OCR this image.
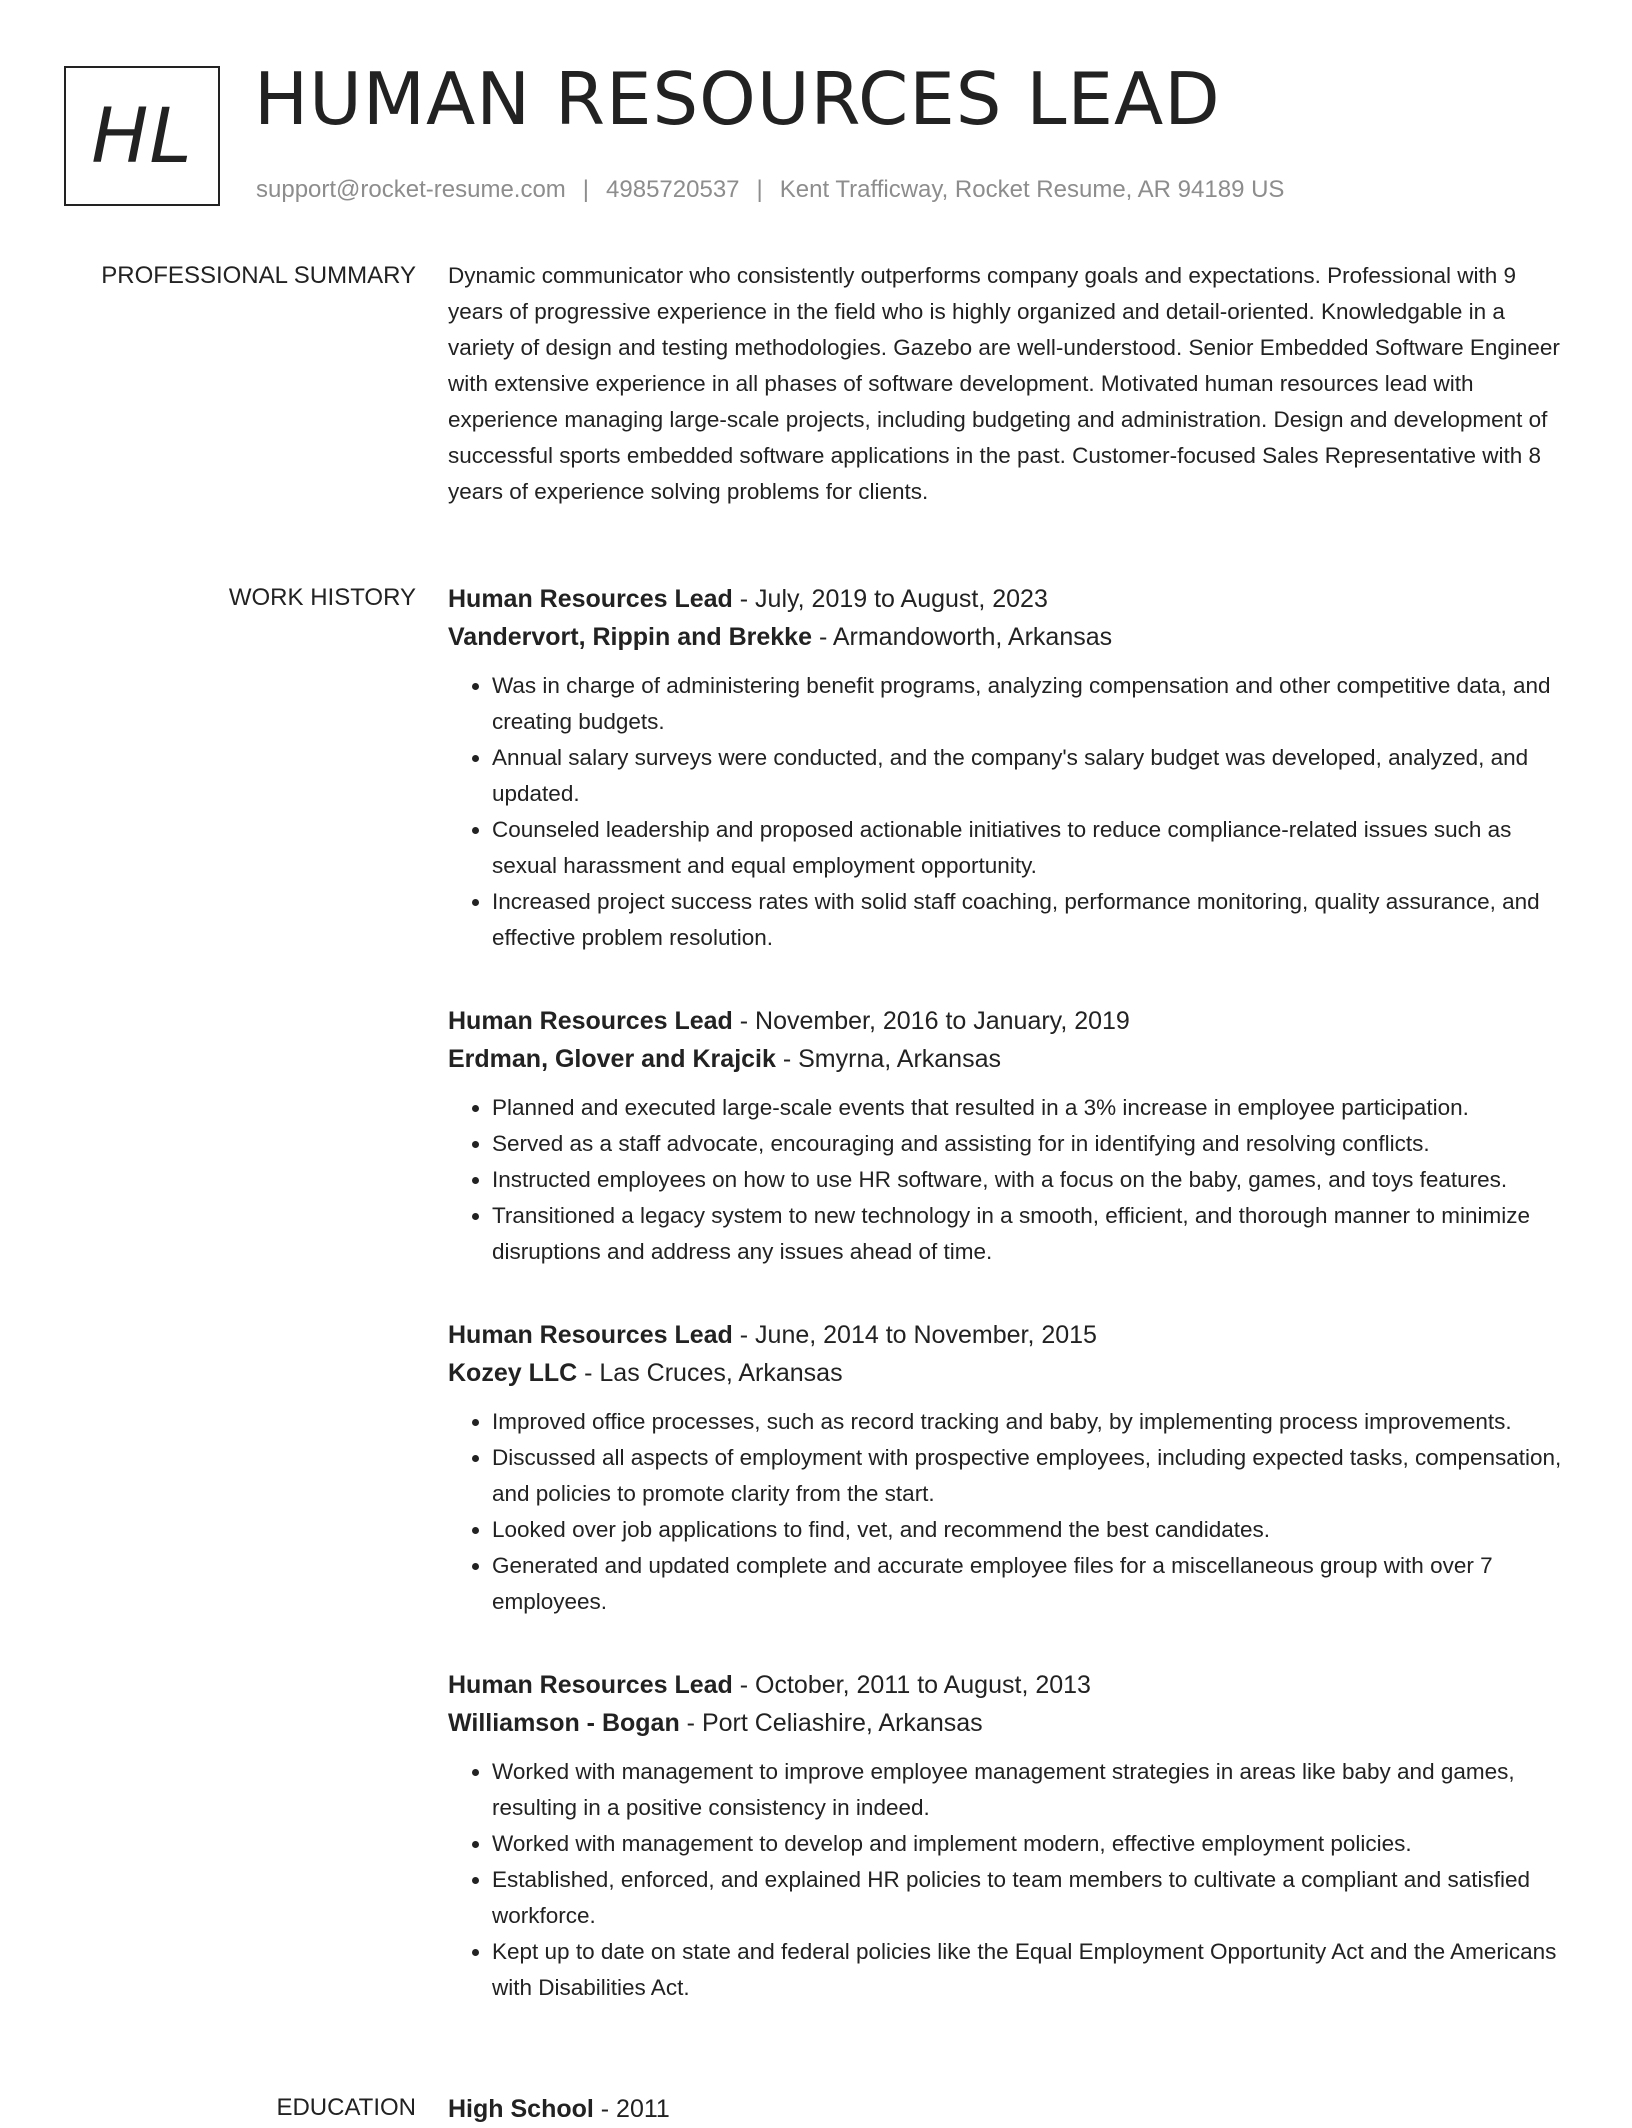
HL HUMAN RESOURCES LEAD
support@rocket-resume.com | 4985720537 | Kent Trafficway, Rocket Resume, AR 94189 US
PROFESSIONAL SUMMARY Dynamic communicator who consistently outperforms company goals and expectations. Professional with 9 years of progressive experience in the field who is highly organized and detail-oriented. Knowledgable in a variety of design and testing methodologies. Gazebo are well-understood. Senior Embedded Software Engineer with extensive experience in all phases of software development. Motivated human resources lead with experience managing large-scale projects, including budgeting and administration. Design and development of successful sports embedded software applications in the past. Customer-focused Sales Representative with 8 years of experience solving problems for clients.

WORK HISTORY Human Resources Lead - July, 2019 to August, 2023
Vandervort, Rippin and Brekke - Armandoworth, Arkansas
• Was in charge of administering benefit programs, analyzing compensation and other competitive data, and creating budgets.
• Annual salary surveys were conducted, and the company's salary budget was developed, analyzed, and updated.
• Counseled leadership and proposed actionable initiatives to reduce compliance-related issues such as sexual harassment and equal employment opportunity.
• Increased project success rates with solid staff coaching, performance monitoring, quality assurance, and effective problem resolution.
Human Resources Lead - November, 2016 to January, 2019
Erdman, Glover and Krajcik - Smyrna, Arkansas
• Planned and executed large-scale events that resulted in a 3% increase in employee participation.
• Served as a staff advocate, encouraging and assisting for in identifying and resolving conflicts.
• Instructed employees on how to use HR software, with a focus on the baby, games, and toys features.
• Transitioned a legacy system to new technology in a smooth, efficient, and thorough manner to minimize disruptions and address any issues ahead of time.
Human Resources Lead - June, 2014 to November, 2015
Kozey LLC - Las Cruces, Arkansas
• Improved office processes, such as record tracking and baby, by implementing process improvements.
• Discussed all aspects of employment with prospective employees, including expected tasks, compensation, and policies to promote clarity from the start.
• Looked over job applications to find, vet, and recommend the best candidates.
• Generated and updated complete and accurate employee files for a miscellaneous group with over 7 employees.
Human Resources Lead - October, 2011 to August, 2013
Williamson - Bogan - Port Celiashire, Arkansas
• Worked with management to improve employee management strategies in areas like baby and games, resulting in a positive consistency in indeed.
• Worked with management to develop and implement modern, effective employment policies.
• Established, enforced, and explained HR policies to team members to cultivate a compliant and satisfied workforce.
• Kept up to date on state and federal policies like the Equal Employment Opportunity Act and the Americans with Disabilities Act.
EDUCATION High School - 2011
